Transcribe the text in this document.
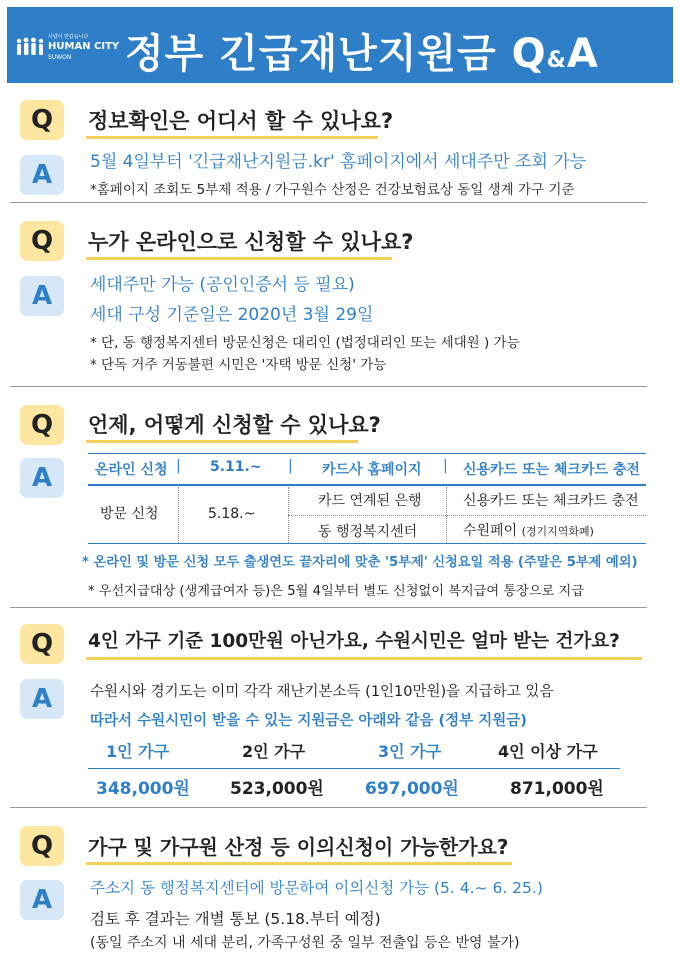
사람이 반갑습니다
HUMAN CITY
SUWON 정부 긴급재난지원금 Q&A
Q	정보확인은 어디서 할 수 있나요?
A	5월 4일부터 '긴급재난지원금.kr' 홈페이지에서 세대주만 조회 가능
*홈페이지 조회도 5부제 적용 / 가구원수 산정은 건강보험료상 동일 생계 가구 기준
Q	누가 온라인으로 신청할 수 있나요?
A	세대주만 가능 (공인인증서 등 필요)
세대 구성 기준일은 2020년 3월 29일
* 단, 동 행정복지센터 방문신청은 대리인 (법정대리인 또는 세대원 ) 가능
* 단독 거주 거동불편 시민은 '자택 방문 신청' 가능
Q	언제, 어떻게 신청할 수 있나요?
A	온라인 신청 | 5.11.~ | 카드사 홈페이지 | 신용카드 또는 체크카드 충전
방문 신청	5.18.~
카드 연계된 은행	신용카드 또는 체크카드 충전
동 행정복지센터	수원페이 (경기지역화폐)
* 온라인 및 방문 신청 모두 출생연도 끝자리에 맞춘 '5부제' 신청요일 적용 (주말은 5부제 예외)
* 우선지급대상 (생계급여자 등)은 5월 4일부터 별도 신청없이 복지급여 통장으로 지급
Q	4인 가구 기준 100만원 아닌가요, 수원시민은 얼마 받는 건가요?
A	수원시와 경기도는 이미 각각 재난기본소득 (1인10만원)을 지급하고 있음
따라서 수원시민이 받을 수 있는 지원금은 아래와 같음 (정부 지원금)
1인 가구	2인 가구	3인 가구	4인 이상 가구
348,000원 523,000원 697,000원	871,000원
Q	가구 및 가구원 산정 등 이의신청이 가능한가요?
A	주소지 동 행정복지센터에 방문하여 이의신청 가능 (5. 4.~ 6. 25.)
검토 후 결과는 개별 통보 (5.18.부터 예정)
(동일 주소지 내 세대 분리, 가족구성원 중 일부 전출입 등은 반영 불가)
